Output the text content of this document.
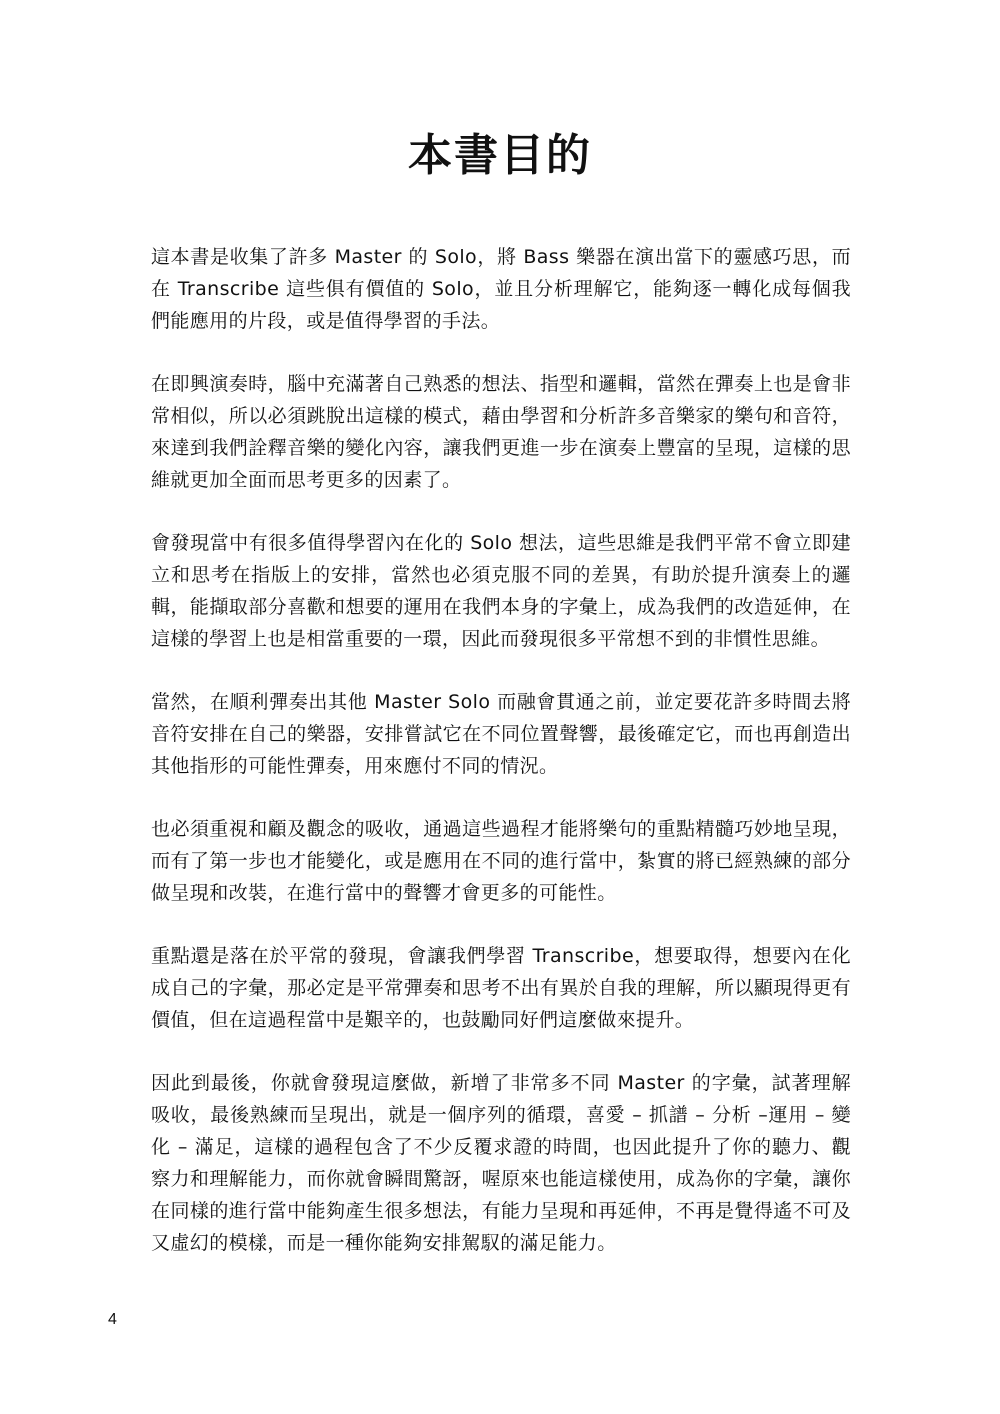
本書目的

這本書是收集了許多 Master 的 Solo，將 Bass 樂器在演出當下的靈感巧思，而在 Transcribe 這些俱有價值的 Solo，並且分析理解它，能夠逐一轉化成每個我們能應用的片段，或是值得學習的手法。

在即興演奏時，腦中充滿著自己熟悉的想法、指型和邏輯，當然在彈奏上也是會非常相似，所以必須跳脫出這樣的模式，藉由學習和分析許多音樂家的樂句和音符，來達到我們詮釋音樂的變化內容，讓我們更進一步在演奏上豐富的呈現，這樣的思維就更加全面而思考更多的因素了。

會發現當中有很多值得學習內在化的 Solo 想法，這些思維是我們平常不會立即建立和思考在指版上的安排，當然也必須克服不同的差異，有助於提升演奏上的邏輯，能擷取部分喜歡和想要的運用在我們本身的字彙上，成為我們的改造延伸，在這樣的學習上也是相當重要的一環，因此而發現很多平常想不到的非慣性思維。

當然，在順利彈奏出其他 Master Solo 而融會貫通之前，並定要花許多時間去將音符安排在自己的樂器，安排嘗試它在不同位置聲響，最後確定它，而也再創造出其他指形的可能性彈奏，用來應付不同的情況。

也必須重視和顧及觀念的吸收，通過這些過程才能將樂句的重點精髓巧妙地呈現，而有了第一步也才能變化，或是應用在不同的進行當中，紮實的將已經熟練的部分做呈現和改裝，在進行當中的聲響才會更多的可能性。

重點還是落在於平常的發現，會讓我們學習 Transcribe，想要取得，想要內在化成自己的字彙，那必定是平常彈奏和思考不出有異於自我的理解，所以顯現得更有價值，但在這過程當中是艱辛的，也鼓勵同好們這麼做來提升。

因此到最後，你就會發現這麼做，新增了非常多不同 Master 的字彙，試著理解吸收，最後熟練而呈現出，就是一個序列的循環，喜愛 – 抓譜 – 分析 –運用 – 變化 – 滿足，這樣的過程包含了不少反覆求證的時間，也因此提升了你的聽力、觀察力和理解能力，而你就會瞬間驚訝，喔原來也能這樣使用，成為你的字彙，讓你在同樣的進行當中能夠產生很多想法，有能力呈現和再延伸，不再是覺得遙不可及又虛幻的模樣，而是一種你能夠安排駕馭的滿足能力。

4
